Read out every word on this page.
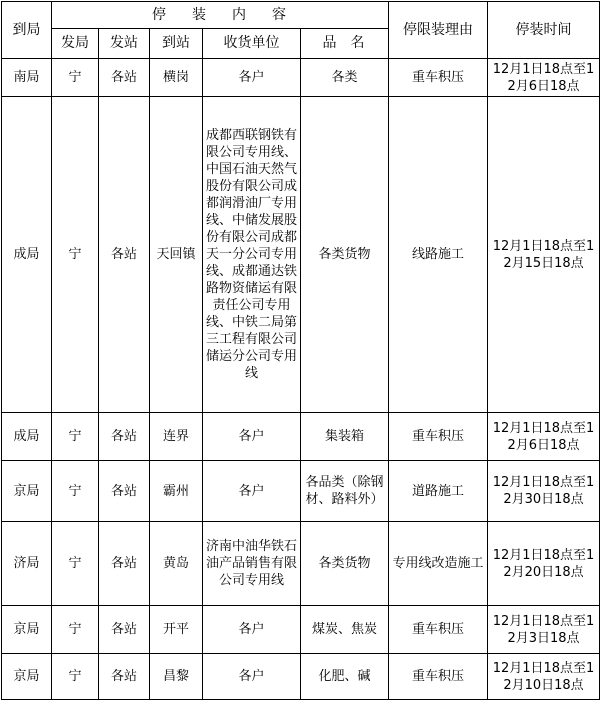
到局	停装内容					停限装理由	停装时间
	发局	发站	到站	收货单位	品名		
南局	宁	各站	横岗	各户	各类	重车积压	12月1日18点至12月6日18点
成局	宁	各站	天回镇	成都西联钢铁有限公司专用线、中国石油天然气股份有限公司成都润滑油厂专用线、中储发展股份有限公司成都天一分公司专用线、成都通达铁路物资储运有限责任公司专用线、中铁二局第三工程有限公司储运分公司专用线	各类货物	线路施工	12月1日18点至12月15日18点
成局	宁	各站	连界	各户	集装箱	重车积压	12月1日18点至12月6日18点
京局	宁	各站	霸州	各户	各品类（除钢材、路料外）	道路施工	12月1日18点至12月30日18点
济局	宁	各站	黄岛	济南中油华铁石油产品销售有限公司专用线	各类货物	专用线改造施工	12月1日18点至12月20日18点
京局	宁	各站	开平	各户	煤炭、焦炭	重车积压	12月1日18点至12月3日18点
京局	宁	各站	昌黎	各户	化肥、碱	重车积压	12月1日18点至12月10日18点
